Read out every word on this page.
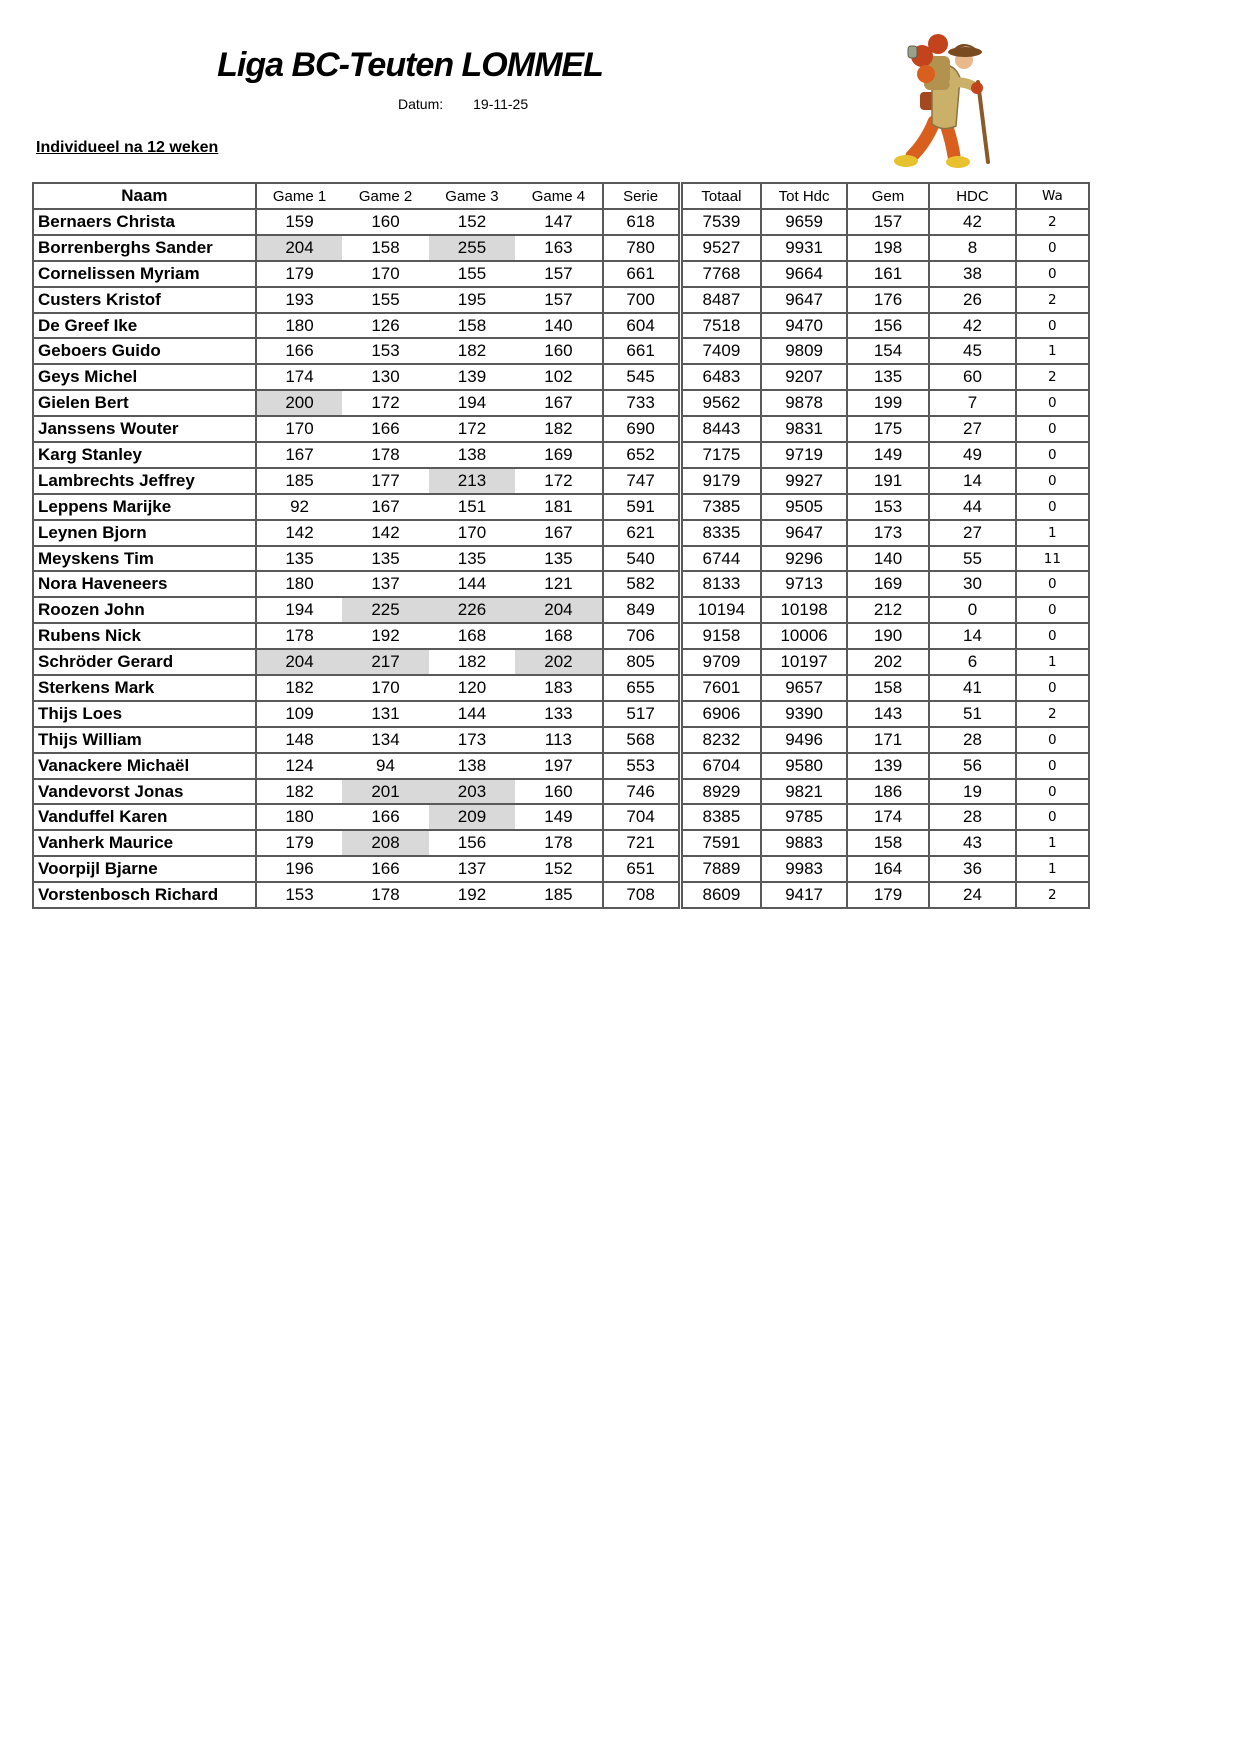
Liga BC-Teuten LOMMEL
Datum: 19-11-25
Individueel na 12 weken
Naam	Game 1	Game 2	Game 3	Game 4	Serie	Totaal	Tot Hdc	Gem	HDC	Wa
Bernaers Christa	159	160	152	147	618	7539	9659	157	42	2
Borrenberghs Sander	204	158	255	163	780	9527	9931	198	8	0
Cornelissen Myriam	179	170	155	157	661	7768	9664	161	38	0
Custers Kristof	193	155	195	157	700	8487	9647	176	26	2
De Greef Ike	180	126	158	140	604	7518	9470	156	42	0
Geboers Guido	166	153	182	160	661	7409	9809	154	45	1
Geys Michel	174	130	139	102	545	6483	9207	135	60	2
Gielen Bert	200	172	194	167	733	9562	9878	199	7	0
Janssens Wouter	170	166	172	182	690	8443	9831	175	27	0
Karg Stanley	167	178	138	169	652	7175	9719	149	49	0
Lambrechts Jeffrey	185	177	213	172	747	9179	9927	191	14	0
Leppens Marijke	92	167	151	181	591	7385	9505	153	44	0
Leynen Bjorn	142	142	170	167	621	8335	9647	173	27	1
Meyskens Tim	135	135	135	135	540	6744	9296	140	55	11
Nora Haveneers	180	137	144	121	582	8133	9713	169	30	0
Roozen John	194	225	226	204	849	10194	10198	212	0	0
Rubens Nick	178	192	168	168	706	9158	10006	190	14	0
Schröder Gerard	204	217	182	202	805	9709	10197	202	6	1
Sterkens Mark	182	170	120	183	655	7601	9657	158	41	0
Thijs Loes	109	131	144	133	517	6906	9390	143	51	2
Thijs William	148	134	173	113	568	8232	9496	171	28	0
Vanackere Michaël	124	94	138	197	553	6704	9580	139	56	0
Vandevorst Jonas	182	201	203	160	746	8929	9821	186	19	0
Vanduffel Karen	180	166	209	149	704	8385	9785	174	28	0
Vanherk Maurice	179	208	156	178	721	7591	9883	158	43	1
Voorpijl Bjarne	196	166	137	152	651	7889	9983	164	36	1
Vorstenbosch Richard	153	178	192	185	708	8609	9417	179	24	2
